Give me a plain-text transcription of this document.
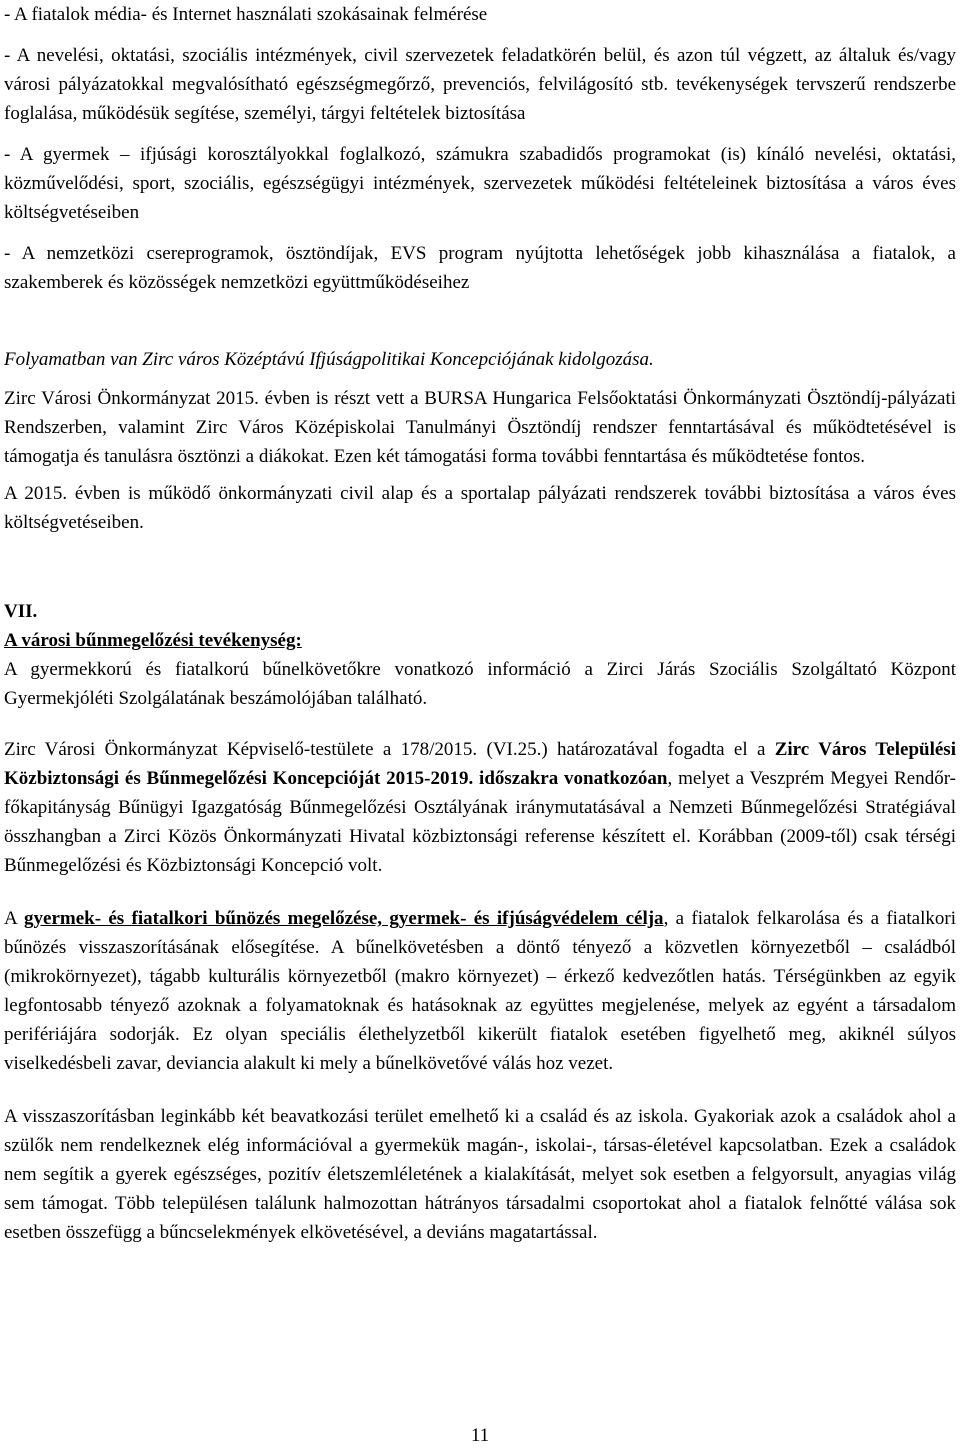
- A fiatalok média- és Internet használati szokásainak felmérése

- A nevelési, oktatási, szociális intézmények, civil szervezetek feladatkörén belül, és azon túl végzett, az általuk és/vagy városi pályázatokkal megvalósítható egészségmegőrző, prevenciós, felvilágosító stb. tevékenységek tervszerű rendszerbe foglalása, működésük segítése, személyi, tárgyi feltételek biztosítása

- A gyermek – ifjúsági korosztályokkal foglalkozó, számukra szabadidős programokat (is) kínáló nevelési, oktatási, közművelődési, sport, szociális, egészségügyi intézmények, szervezetek működési feltételeinek biztosítása a város éves költségvetéseiben

- A nemzetközi csereprogramok, ösztöndíjak, EVS program nyújtotta lehetőségek jobb kihasználása a fiatalok, a szakemberek és közösségek nemzetközi együttműködéseihez

Folyamatban van Zirc város Középtávú Ifjúságpolitikai Koncepciójának kidolgozása.

Zirc Városi Önkormányzat 2015. évben is részt vett a BURSA Hungarica Felsőoktatási Önkormányzati Ösztöndíj-pályázati Rendszerben, valamint Zirc Város Középiskolai Tanulmányi Ösztöndíj rendszer fenntartásával és működtetésével is támogatja és tanulásra ösztönzi a diákokat. Ezen két támogatási forma további fenntartása és működtetése fontos.

A 2015. évben is működő önkormányzati civil alap és a sportalap pályázati rendszerek további biztosítása a város éves költségvetéseiben.

VII.

A városi bűnmegelőzési tevékenység:

A gyermekkorú és fiatalkorú bűnelkövetőkre vonatkozó információ a Zirci Járás Szociális Szolgáltató Központ Gyermekjóléti Szolgálatának beszámolójában található.

Zirc Városi Önkormányzat Képviselő-testülete a 178/2015. (VI.25.) határozatával fogadta el a Zirc Város Települési Közbiztonsági és Bűnmegelőzési Koncepcióját 2015-2019. időszakra vonatkozóan, melyet a Veszprém Megyei Rendőr-főkapitányság Bűnügyi Igazgatóság Bűnmegelőzési Osztályának iránymutatásával a Nemzeti Bűnmegelőzési Stratégiával összhangban a Zirci Közös Önkormányzati Hivatal közbiztonsági referense készített el. Korábban (2009-től) csak térségi Bűnmegelőzési és Közbiztonsági Koncepció volt.

A gyermek- és fiatalkori bűnözés megelőzése, gyermek- és ifjúságvédelem célja, a fiatalok felkarolása és a fiatalkori bűnözés visszaszorításának elősegítése. A bűnelkövetésben a döntő tényező a közvetlen környezetből – családból (mikrokörnyezet), tágabb kulturális környezetből (makro környezet) – érkező kedvezőtlen hatás. Térségünkben az egyik legfontosabb tényező azoknak a folyamatoknak és hatásoknak az együttes megjelenése, melyek az egyént a társadalom perifériájára sodorják. Ez olyan speciális élethelyzetből kikerült fiatalok esetében figyelhető meg, akiknél súlyos viselkedésbeli zavar, deviancia alakult ki mely a bűnelkövetővé válás hoz vezet.

A visszaszorításban leginkább két beavatkozási terület emelhető ki a család és az iskola. Gyakoriak azok a családok ahol a szülők nem rendelkeznek elég információval a gyermekük magán-, iskolai-, társas-életével kapcsolatban. Ezek a családok nem segítik a gyerek egészséges, pozitív életszemléletének a kialakítását, melyet sok esetben a felgyorsult, anyagias világ sem támogat. Több településen találunk halmozottan hátrányos társadalmi csoportokat ahol a fiatalok felnőtté válása sok esetben összefügg a bűncselekmények elkövetésével, a deviáns magatartással.

11
